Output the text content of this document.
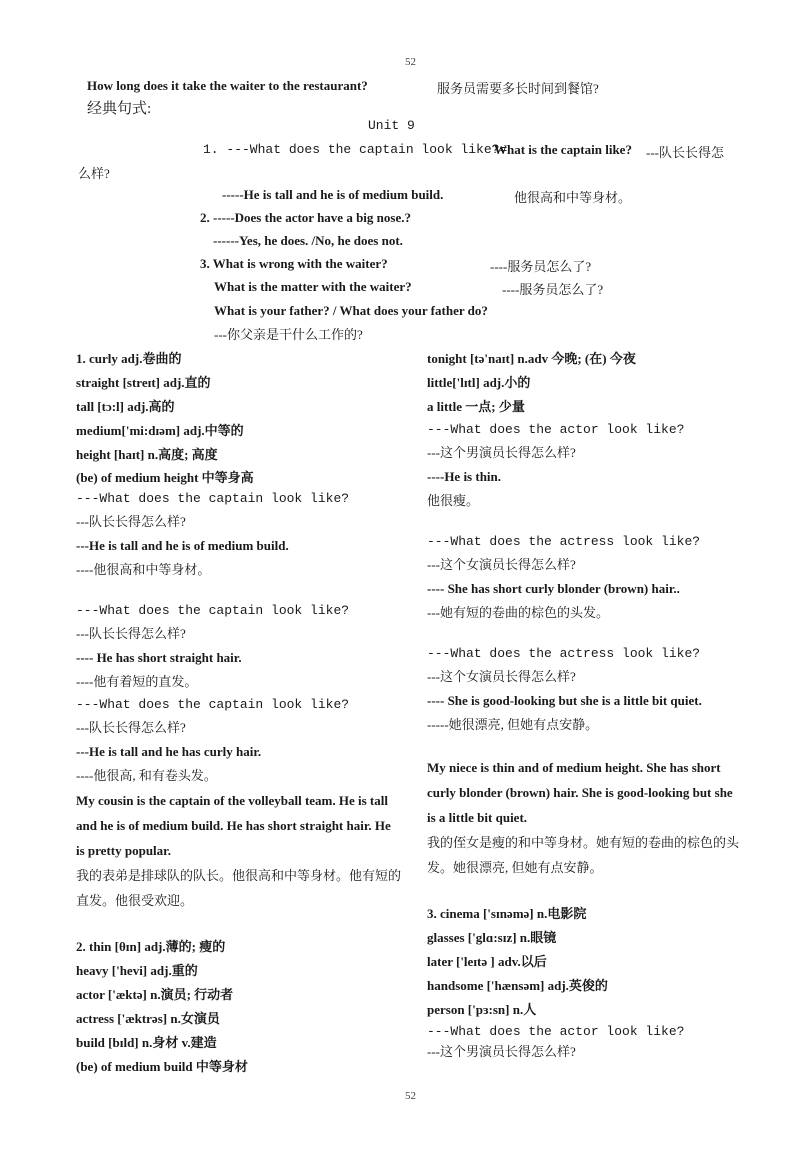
52
How long does it take the waiter to the restaurant?	服务员需要多长时间到餐馆?
经典句式:
Unit 9
1. ---What does the captain look like?=
What is the captain like? ---队长长得怎
么样?
-----He is tall and he is of medium build.	他很高和中等身材。
2. -----Does the actor have a big nose.?
------Yes, he does. /No, he does not.
3. What is wrong with the waiter?	----服务员怎么了?
What is the matter with the waiter?	----服务员怎么了?
What is your father? / What does your father do?
---你父亲是干什么工作的?
1. curly adj.卷曲的
straight [streɪt] adj.直的
tall [tɔ:l] adj.高的
medium['mi:dɪəm] adj.中等的
height [haɪt] n.高度; 高度
(be) of medium height 中等身高
---What does the captain look like?
---队长长得怎么样?
---He is tall and he is of medium build.
----他很高和中等身材。
---What does the captain look like?
---队长长得怎么样?
---- He has short straight hair.
----他有着短的直发。
---What does the captain look like?
---队长长得怎么样?
---He is tall and he has curly hair.
----他很高, 和有卷头发。
My cousin is the captain of the volleyball team. He is tall and he is of medium build. He has short straight hair. He is pretty popular.
我的表弟是排球队的队长。他很高和中等身材。他有短的直发。他很受欢迎。
2. thin [θɪn] adj.薄的; 瘦的
heavy ['hevi] adj.重的
actor ['æktə] n.演员; 行动者
actress ['æktrəs] n.女演员
build [bɪld] n.身材 v.建造
(be) of medium build 中等身材
tonight [tə'naɪt] n.adv 今晚; (在) 今夜
little['lɪtl] adj.小的
a little 一点; 少量
---What does the actor look like?
---这个男演员长得怎么样?
----He is thin.
他很瘦。
---What does the actress look like?
---这个女演员长得怎么样?
---- She has short curly blonder (brown) hair..
---她有短的卷曲的棕色的头发。
---What does the actress look like?
---这个女演员长得怎么样?
---- She is good-looking but she is a little bit quiet.
-----她很漂亮, 但她有点安静。
My niece is thin and of medium height. She has short curly blonder (brown) hair. She is good-looking but she is a little bit quiet.
我的侄女是瘦的和中等身材。她有短的卷曲的棕色的头发。她很漂亮, 但她有点安静。
3. cinema ['sɪnəmə] n.电影院
glasses ['glɑ:sɪz] n.眼镜
later ['leɪtə ] adv.以后
handsome ['hænsəm] adj.英俊的
person ['pɜ:sn] n.人
---What does the actor look like?
---这个男演员长得怎么样?
52
